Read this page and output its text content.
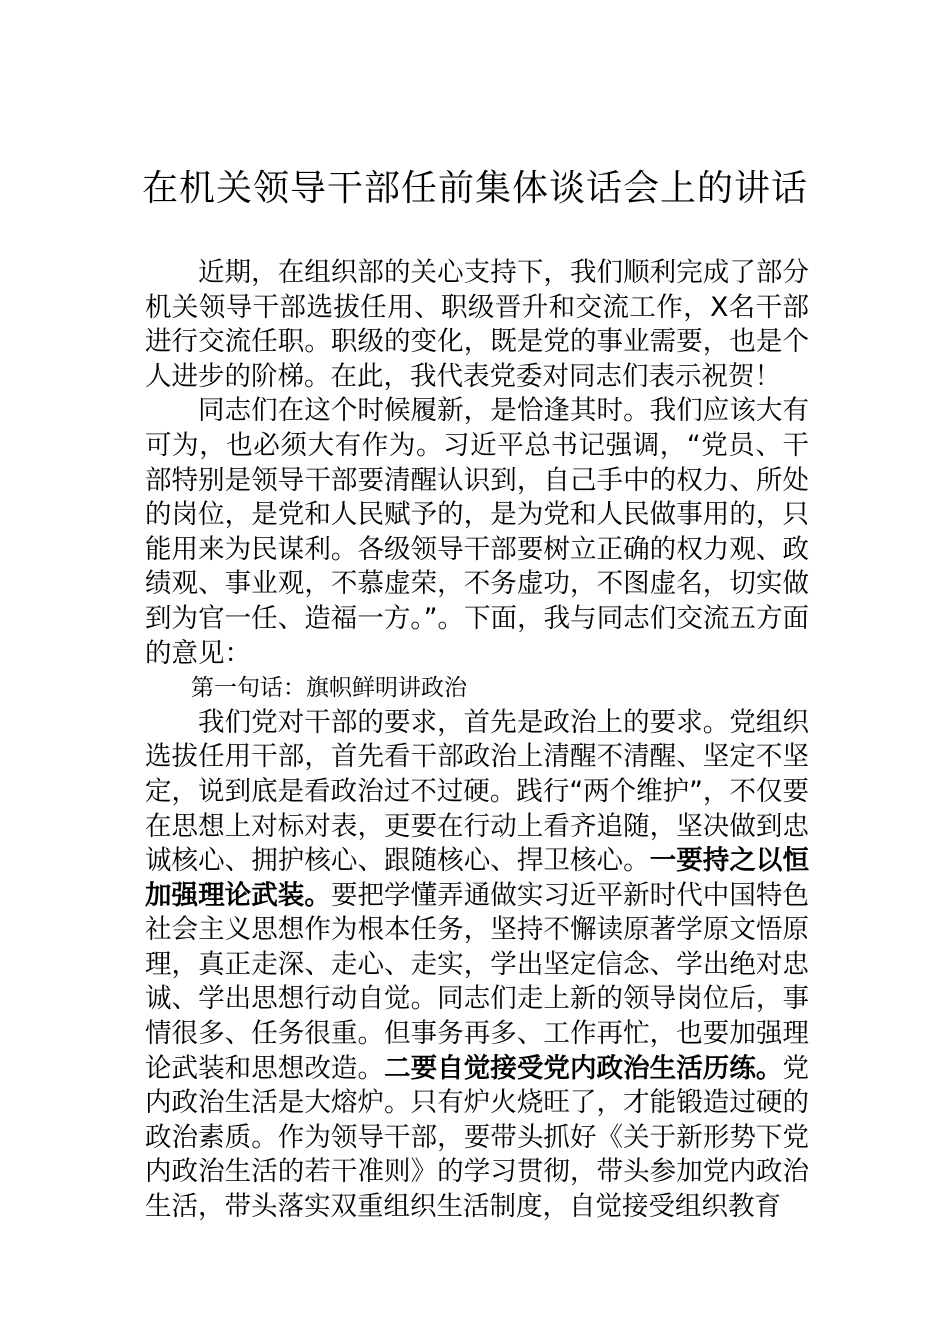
在机关领导干部任前集体谈话会上的讲话

近期，在组织部的关心支持下，我们顺利完成了部分机关领导干部选拔任用、职级晋升和交流工作，X名干部进行交流任职。职级的变化，既是党的事业需要，也是个人进步的阶梯。在此，我代表党委对同志们表示祝贺！

同志们在这个时候履新，是恰逢其时。我们应该大有可为，也必须大有作为。习近平总书记强调，“党员、干部特别是领导干部要清醒认识到，自己手中的权力、所处的岗位，是党和人民赋予的，是为党和人民做事用的，只能用来为民谋利。各级领导干部要树立正确的权力观、政绩观、事业观，不慕虚荣，不务虚功，不图虚名，切实做到为官一任、造福一方。”。下面，我与同志们交流五方面的意见：

第一句话：旗帜鲜明讲政治

我们党对干部的要求，首先是政治上的要求。党组织选拔任用干部，首先看干部政治上清醒不清醒、坚定不坚定，说到底是看政治过不过硬。践行“两个维护”，不仅要在思想上对标对表，更要在行动上看齐追随，坚决做到忠诚核心、拥护核心、跟随核心、捍卫核心。一要持之以恒加强理论武装。要把学懂弄通做实习近平新时代中国特色社会主义思想作为根本任务，坚持不懈读原著学原文悟原理，真正走深、走心、走实，学出坚定信念、学出绝对忠诚、学出思想行动自觉。同志们走上新的领导岗位后，事情很多、任务很重。但事务再多、工作再忙，也要加强理论武装和思想改造。二要自觉接受党内政治生活历练。党内政治生活是大熔炉。只有炉火烧旺了，才能锻造过硬的政治素质。作为领导干部，要带头抓好《关于新形势下党内政治生活的若干准则》的学习贯彻，带头参加党内政治生活，带头落实双重组织生活制度，自觉接受组织教育
